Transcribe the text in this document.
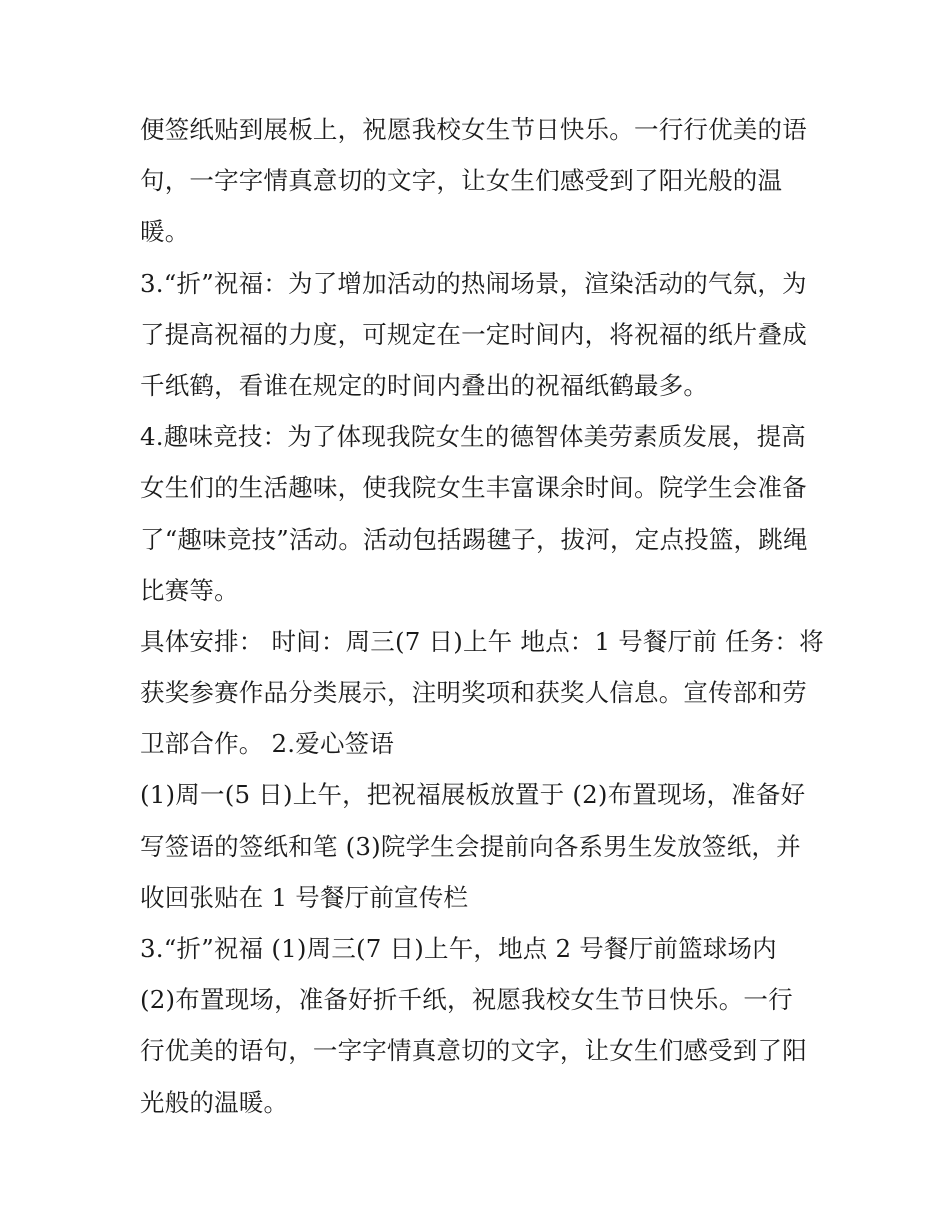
便签纸贴到展板上，祝愿我校女生节日快乐。一行行优美的语
句，一字字情真意切的文字，让女生们感受到了阳光般的温
暖。
3.“折”祝福：为了增加活动的热闹场景，渲染活动的气氛，为
了提高祝福的力度，可规定在一定时间内，将祝福的纸片叠成
千纸鹤，看谁在规定的时间内叠出的祝福纸鹤最多。
4.趣味竞技：为了体现我院女生的德智体美劳素质发展，提高
女生们的生活趣味，使我院女生丰富课余时间。院学生会准备
了“趣味竞技”活动。活动包括踢毽子，拔河，定点投篮，跳绳
比赛等。
具体安排： 时间：周三(7 日)上午 地点：1 号餐厅前 任务：将
获奖参赛作品分类展示，注明奖项和获奖人信息。宣传部和劳
卫部合作。 2.爱心签语
(1)周一(5 日)上午，把祝福展板放置于 (2)布置现场，准备好
写签语的签纸和笔 (3)院学生会提前向各系男生发放签纸，并
收回张贴在 1 号餐厅前宣传栏
3.“折”祝福 (1)周三(7 日)上午，地点 2 号餐厅前篮球场内
(2)布置现场，准备好折千纸，祝愿我校女生节日快乐。一行
行优美的语句，一字字情真意切的文字，让女生们感受到了阳
光般的温暖。
